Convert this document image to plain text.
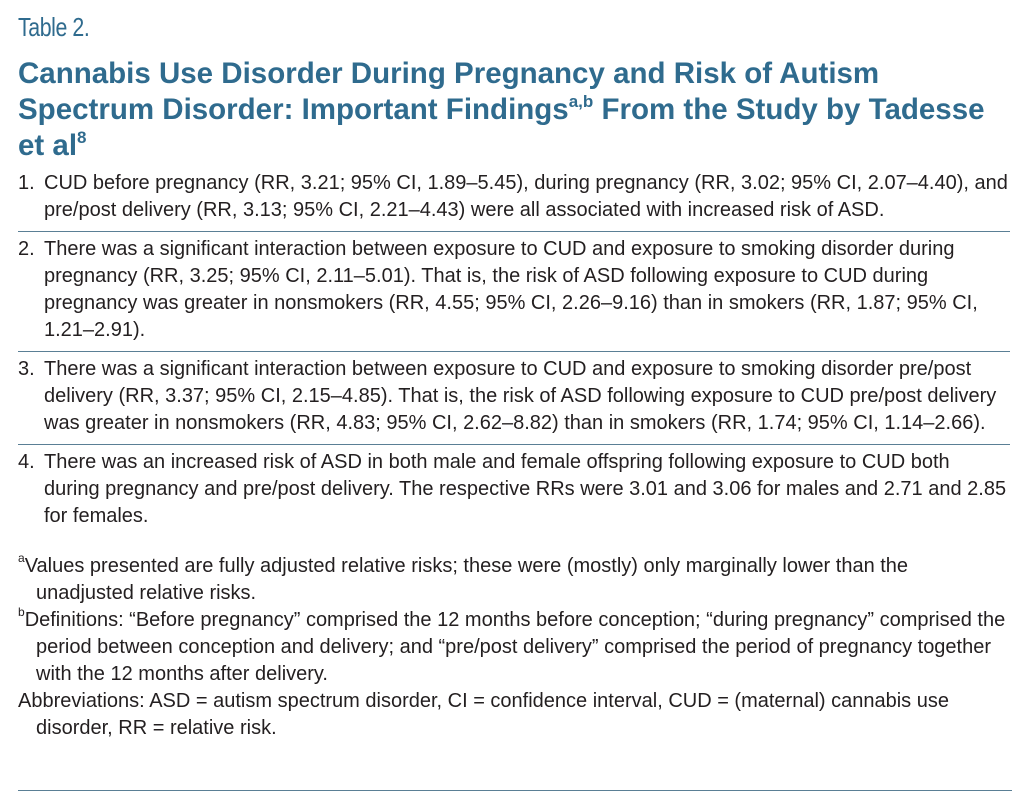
Table 2.
Cannabis Use Disorder During Pregnancy and Risk of Autism Spectrum Disorder: Important Findings$^{a,b}$ From the Study by Tadesse et $al^8$
1. CUD before pregnancy (RR, 3.21; 95% CI, 1.89–5.45), during pregnancy (RR, 3.02; 95% CI, 2.07–4.40), and pre/post delivery (RR, 3.13; 95% CI, 2.21–4.43) were all associated with increased risk of ASD.
2. There was a significant interaction between exposure to CUD and exposure to smoking disorder during pregnancy (RR, 3.25; 95% CI, 2.11–5.01). That is, the risk of ASD following exposure to CUD during pregnancy was greater in nonsmokers (RR, 4.55; 95% CI, 2.26–9.16) than in smokers (RR, 1.87; 95% CI, 1.21–2.91).
3. There was a significant interaction between exposure to CUD and exposure to smoking disorder pre/post delivery (RR, 3.37; 95% CI, 2.15–4.85). That is, the risk of ASD following exposure to CUD pre/post delivery was greater in nonsmokers (RR, 4.83; 95% CI, 2.62–8.82) than in smokers (RR, 1.74; 95% CI, 1.14–2.66).
4. There was an increased risk of ASD in both male and female offspring following exposure to CUD both during pregnancy and pre/post delivery. The respective RRs were 3.01 and 3.06 for males and 2.71 and 2.85 for females.

$^a$Values presented are fully adjusted relative risks; these were (mostly) only marginally lower than the unadjusted relative risks.

$^b$Definitions: “Before pregnancy” comprised the 12 months before conception; “during pregnancy” comprised the period between conception and delivery; and “pre/post delivery” comprised the period of pregnancy together with the 12 months after delivery.

Abbreviations: ASD = autism spectrum disorder, CI = confidence interval, CUD = (maternal) cannabis use disorder, RR = relative risk.
